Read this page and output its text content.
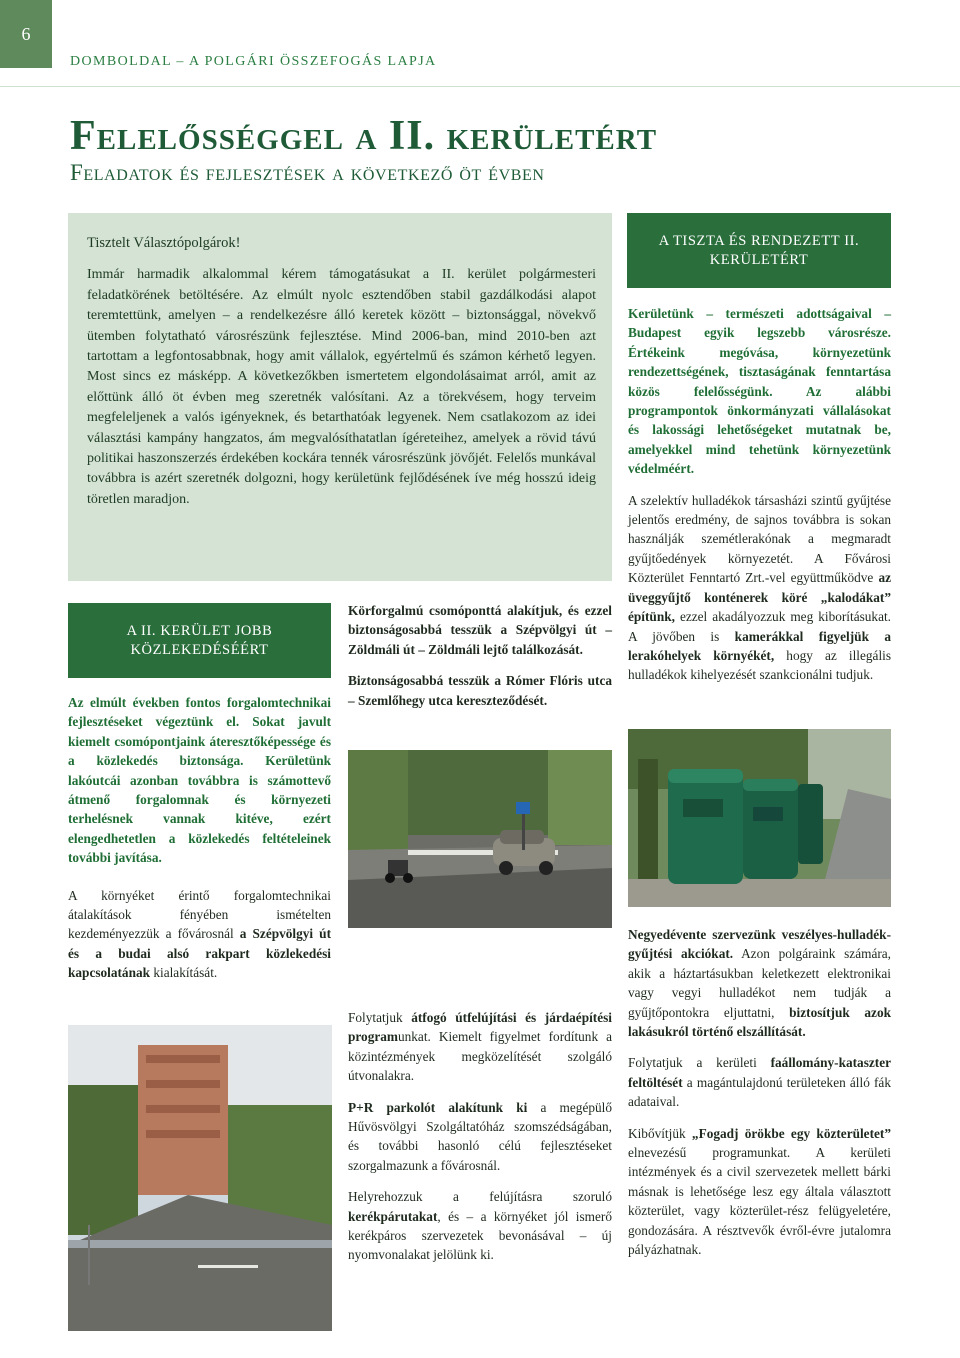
6
DOMBOLDAL – A POLGÁRI ÖSSZEFOGÁS LAPJA
Felelősséggel a II. kerületért
Feladatok és fejlesztések a következő öt évben

Tisztelt Választópolgárok!

Immár harmadik alkalommal kérem támogatásukat a II. kerület polgármesteri feladatkörének betöltésére. Az elmúlt nyolc esztendőben stabil gazdálkodási alapot teremtettünk, amelyen – a rendelkezésre álló keretek között – biztonsággal, növekvő ütemben folytatható városrészünk fejlesztése. Mind 2006-ban, mind 2010-ben azt tartottam a legfontosabbnak, hogy amit vállalok, egyértelmű és számon kérhető legyen. Most sincs ez másképp. A következőkben ismertetem elgondolásaimat arról, amit az előttünk álló öt évben meg szeretnék valósítani. Az a törekvésem, hogy terveim megfeleljenek a valós igényeknek, és betarthatóak legyenek. Nem csatlakozom az idei választási kampány hangzatos, ám megvalósíthatatlan ígéreteihez, amelyek a rövid távú politikai haszonszerzés érdekében kockára tennék városrészünk jövőjét. Felelős munkával továbbra is azért szeretnék dolgozni, hogy kerületünk fejlődésének íve még hosszú ideig töretlen maradjon.

A TISZTA ÉS RENDEZETT II. KERÜLETÉRT

Kerületünk – természeti adottságaival – Budapest egyik legszebb városrésze. Értékeink megóvása, környezetünk rendezettségének, tisztaságának fenntartása közös felelősségünk. Az alábbi programpontok önkormányzati vállalásokat és lakossági lehetőségeket mutatnak be, amelyekkel mind tehetünk környezetünk védelméért.

A szelektív hulladékok társasházi szintű gyűjtése jelentős eredmény, de sajnos továbbra is sokan használják szemétlerakónak a megmaradt gyűjtőedények környezetét. A Fővárosi Közterület Fenntartó Zrt.-vel együttműködve az üveggyűjtő konténerek köré „kalodákat” építünk, ezzel akadályozzuk meg kiborításukat. A jövőben is kamerákkal figyeljük a lerakóhelyek környékét, hogy az illegális hulladékok kihelyezését szankcionálni tudjuk.

Negyedévente szervezünk veszélyes-hulladék-gyűjtési akciókat. Azon polgáraink számára, akik a háztartásukban keletkezett elektronikai vagy vegyi hulladékot nem tudják a gyűjtőpontokra eljuttatni, biztosítjuk azok lakásukról történő elszállítását.

Folytatjuk a kerületi faállomány-kataszter feltöltését a magántulajdonú területeken álló fák adataival.

Kibővítjük „Fogadj örökbe egy közterületet” elnevezésű programunkat. A kerületi intézmények és a civil szervezetek mellett bárki másnak is lehetősége lesz egy általa választott közterület, vagy közterület-rész felügyeletére, gondozására. A résztvevők évről-évre jutalomra pályázhatnak.

A II. KERÜLET JOBB KÖZLEKEDÉSÉÉRT

Az elmúlt években fontos forgalomtechnikai fejlesztéseket végeztünk el. Sokat javult kiemelt csomópontjaink áteresztőképessége és a közlekedés biztonsága. Kerületünk lakóutcái azonban továbbra is számottevő átmenő forgalomnak és környezeti terhelésnek vannak kitéve, ezért elengedhetetlen a közlekedés feltételeinek további javítása.

A környéket érintő forgalomtechnikai átalakítások fényében ismételten kezdeményezzük a fővárosnál a Szépvölgyi út és a budai alsó rakpart közlekedési kapcsolatának kialakítását.

Körforgalmú csomóponttá alakítjuk, és ezzel biztonságosabbá tesszük a Szépvölgyi út – Zöldmáli út – Zöldmáli lejtő találkozását.

Biztonságosabbá tesszük a Rómer Flóris utca – Szemlőhegy utca kereszteződését.

Folytatjuk átfogó útfelújítási és járdaépítési programunkat. Kiemelt figyelmet fordítunk a közintézmények megközelítését szolgáló útvonalakra.

P+R parkolót alakítunk ki a megépülő Hűvösvölgyi Szolgáltatóház szomszédságában, és további hasonló célú fejlesztéseket szorgalmazunk a fővárosnál.

Helyrehozzuk a felújításra szoruló kerékpárutakat, és – a környéket jól ismerő kerékpáros szervezetek bevonásával – új nyomvonalakat jelölünk ki.
